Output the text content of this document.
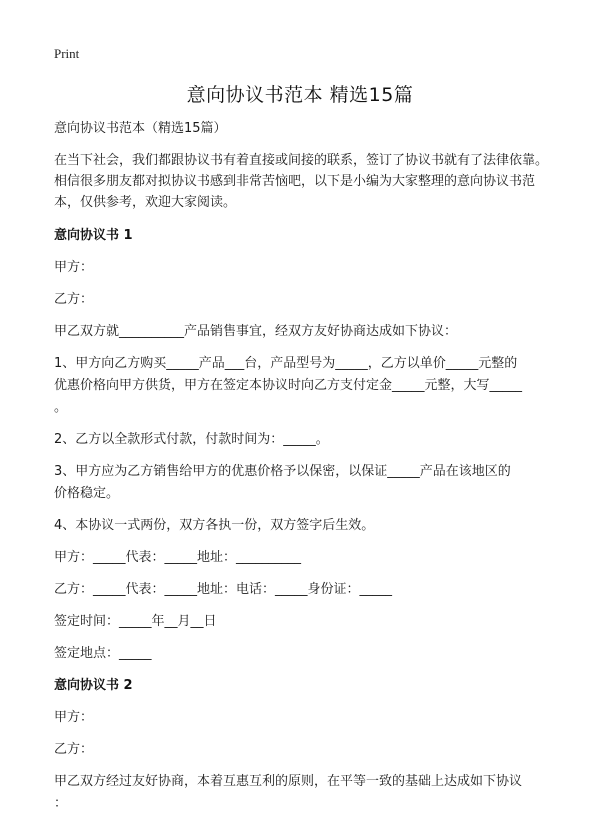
Print
意向协议书范本 精选15篇
意向协议书范本（精选15篇）
在当下社会，我们都跟协议书有着直接或间接的联系，签订了协议书就有了法律依靠。相信很多朋友都对拟协议书感到非常苦恼吧，以下是小编为大家整理的意向协议书范本，仅供参考，欢迎大家阅读。
意向协议书 1
甲方：
乙方：
甲乙双方就__________产品销售事宜，经双方友好协商达成如下协议：
1、甲方向乙方购买_____产品___台，产品型号为_____，乙方以单价_____元整的
优惠价格向甲方供货，甲方在签定本协议时向乙方支付定金_____元整，大写_____
。
2、乙方以全款形式付款，付款时间为：_____。
3、甲方应为乙方销售给甲方的优惠价格予以保密，以保证_____产品在该地区的
价格稳定。
4、本协议一式两份，双方各执一份，双方签字后生效。
甲方：_____代表：_____地址：__________
乙方：_____代表：_____地址：电话：_____身份证：_____
签定时间：_____年__月__日
签定地点：_____
意向协议书 2
甲方：
乙方：
甲乙双方经过友好协商，本着互惠互利的原则，在平等一致的基础上达成如下协议
：
